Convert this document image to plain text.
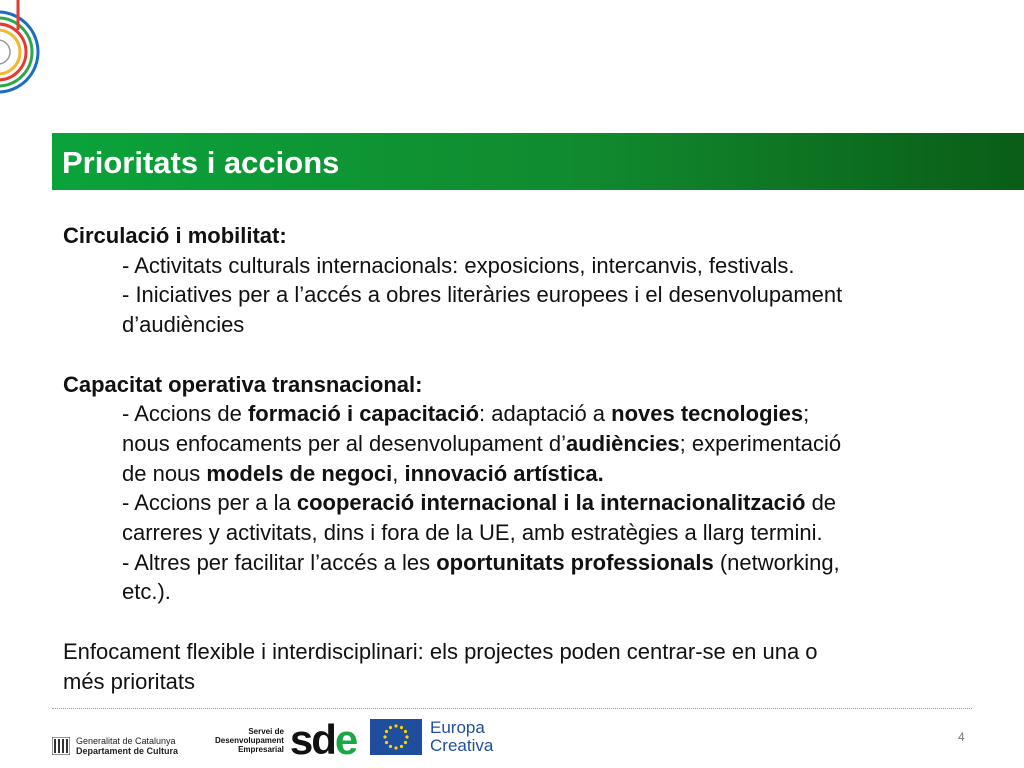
Prioritats i accions
Circulació i mobilitat:
- Activitats culturals internacionals: exposicions, intercanvis, festivals.
- Iniciatives per a l’accés a obres literàries europees i el desenvolupament
d’audiències
Capacitat operativa transnacional:
- Accions de formació i capacitació: adaptació a noves tecnologies;
nous enfocaments per al desenvolupament d’audiències; experimentació
de nous models de negoci, innovació artística.
- Accions per a la cooperació internacional i la internacionalització de
carreres y activitats, dins i fora de la UE, amb estratègies a llarg termini.
- Altres per facilitar l’accés a les oportunitats professionals (networking,
etc.).
Enfocament flexible i interdisciplinari: els projectes poden centrar-se en una o
més prioritats
Generalitat de Catalunya
Departament de Cultura
Servei de
Desenvolupament
Empresarial sde	Europa
Creativa	4
